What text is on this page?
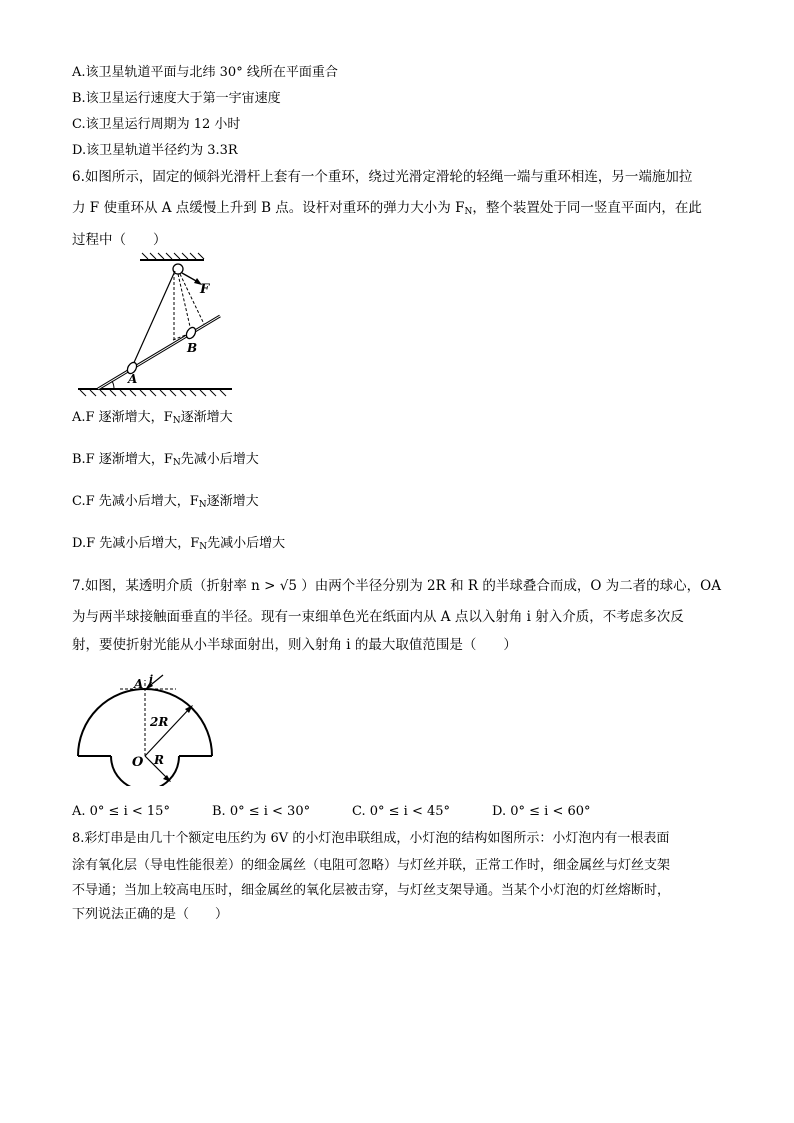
A.该卫星轨道平面与北纬 30° 线所在平面重合
B.该卫星运行速度大于第一宇宙速度
C.该卫星运行周期为 12 小时
D.该卫星轨道半径约为 3.3R
6.如图所示，固定的倾斜光滑杆上套有一个重环，绕过光滑定滑轮的轻绳一端与重环相连，另一端施加拉
力 F 使重环从 A 点缓慢上升到 B 点。设杆对重环的弹力大小为 $F_N$，整个装置处于同一竖直平面内，在此
过程中（　　）
F
B
A
A.F 逐渐增大，$F_N$逐渐增大
B.F 逐渐增大，$F_N$先减小后增大
C.F 先减小后增大，$F_N$逐渐增大
D.F 先减小后增大，$F_N$先减小后增大
7.如图，某透明介质（折射率 n > √5 ）由两个半径分别为 2R 和 R 的半球叠合而成，O 为二者的球心，OA
为与两半球接触面垂直的半径。现有一束细单色光在纸面内从 A 点以入射角 i 射入介质，不考虑多次反
射，要使折射光能从小半球面射出，则入射角 i 的最大取值范围是（　　）
A i
2R
O R
A. 0° ≤ i < 15°	B. 0° ≤ i < 30°	C. 0° ≤ i < 45°	D. 0° ≤ i < 60°
8.彩灯串是由几十个额定电压约为 6V 的小灯泡串联组成，小灯泡的结构如图所示：小灯泡内有一根表面
涂有氧化层（导电性能很差）的细金属丝（电阻可忽略）与灯丝并联，正常工作时，细金属丝与灯丝支架
不导通；当加上较高电压时，细金属丝的氧化层被击穿，与灯丝支架导通。当某个小灯泡的灯丝熔断时，
下列说法正确的是（　　）
